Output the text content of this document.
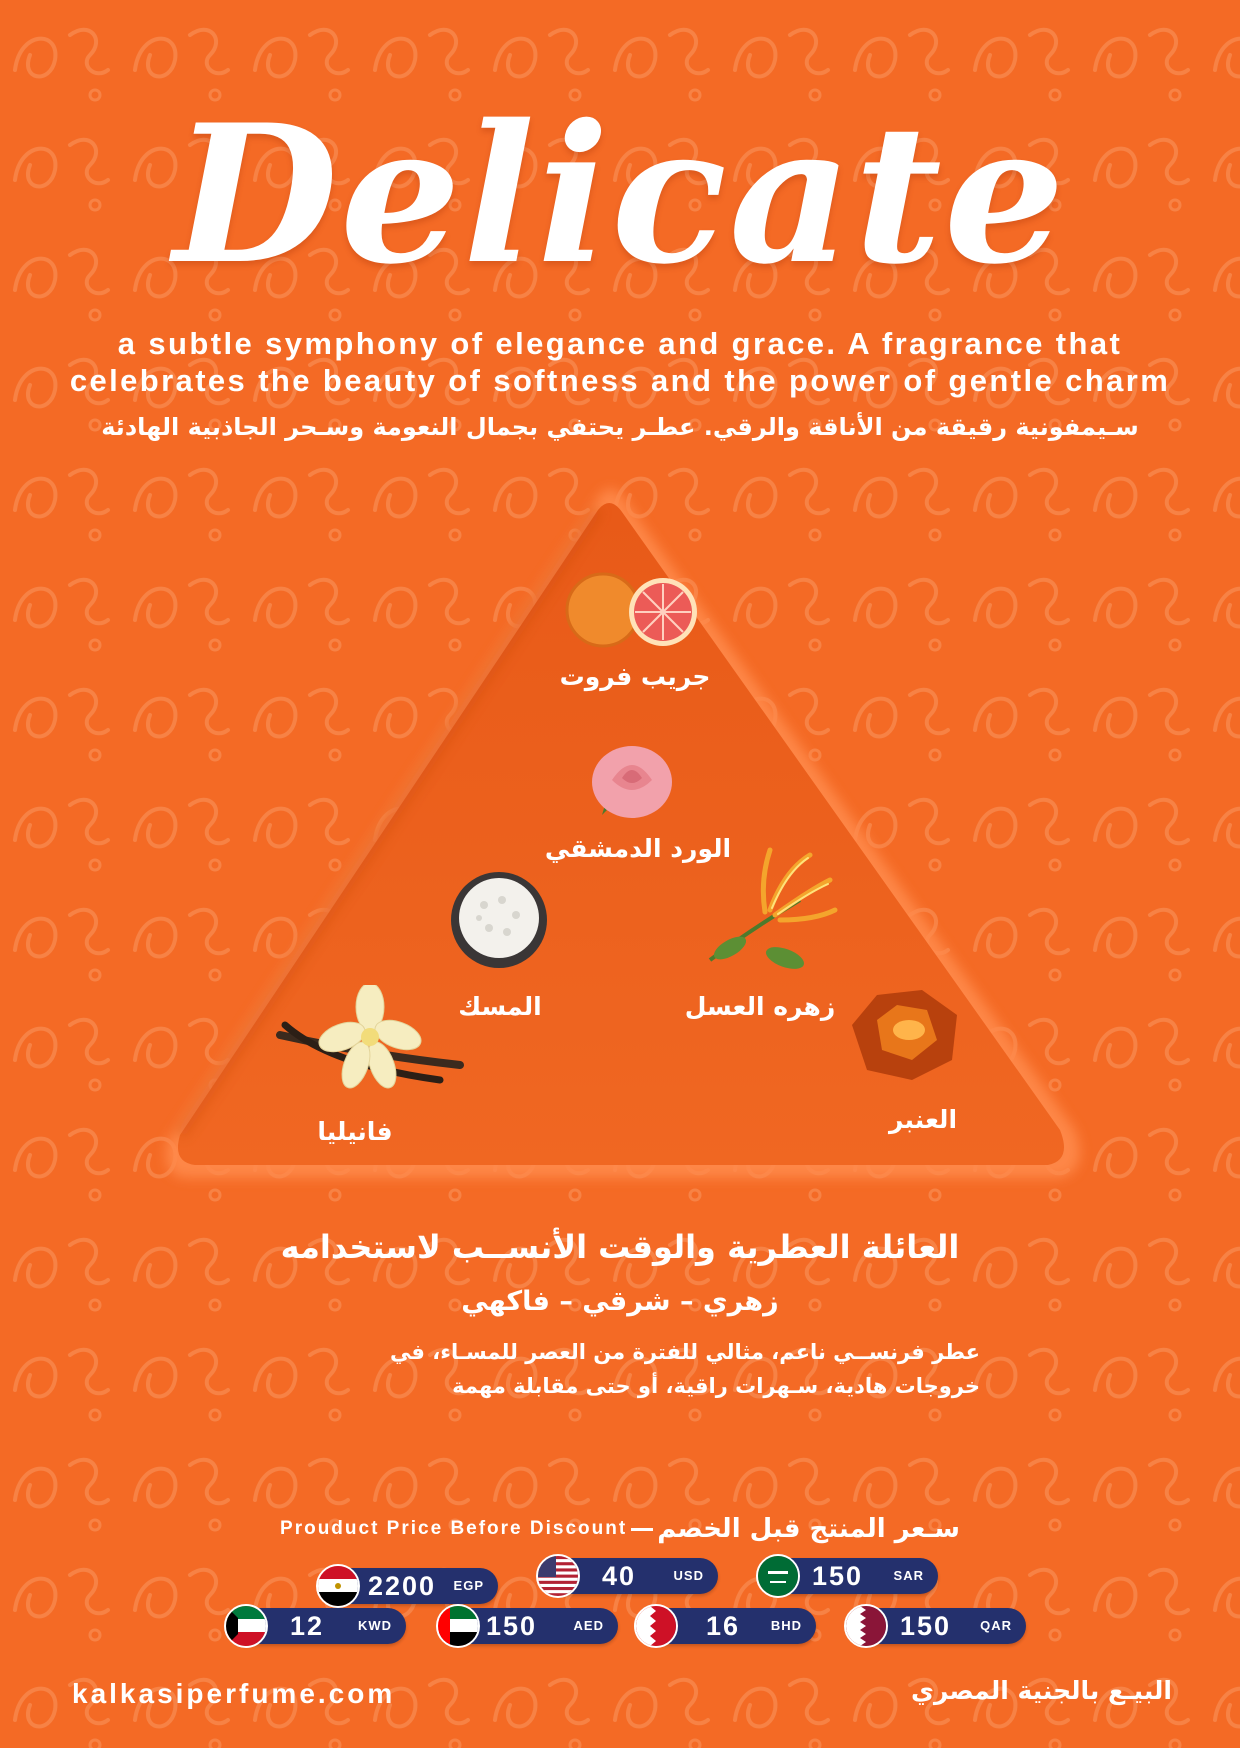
Delicate
a subtle symphony of elegance and grace. A fragrance that
celebrates the beauty of softness and the power of gentle charm
سـيمفونية رقيقة من الأناقة والرقي. عطـر يحتفي بجمال النعومة وسـحر الجاذبية الهادئة
جريب فروت
الورد الدمشقي
المسك	زهره العسل
فانيليا	العنبر
العائلة العطرية والوقت الأنســب لاستخدامه
زهري – شرقي – فاكهي
عطر فرنســي ناعم، مثالي للفترة من العصر للمسـاء، في
خروجات هادية، سـهرات راقية، أو حتى مقابلة مهمة
Prouduct Price Before Discount سـعر المنتج قبل الخصم
2200 EGP	40	USD	150 SAR
12	KWD	150	AED	16 BHD	150 QAR
kalkasiperfume.com	البيـع بالجنية المصري
